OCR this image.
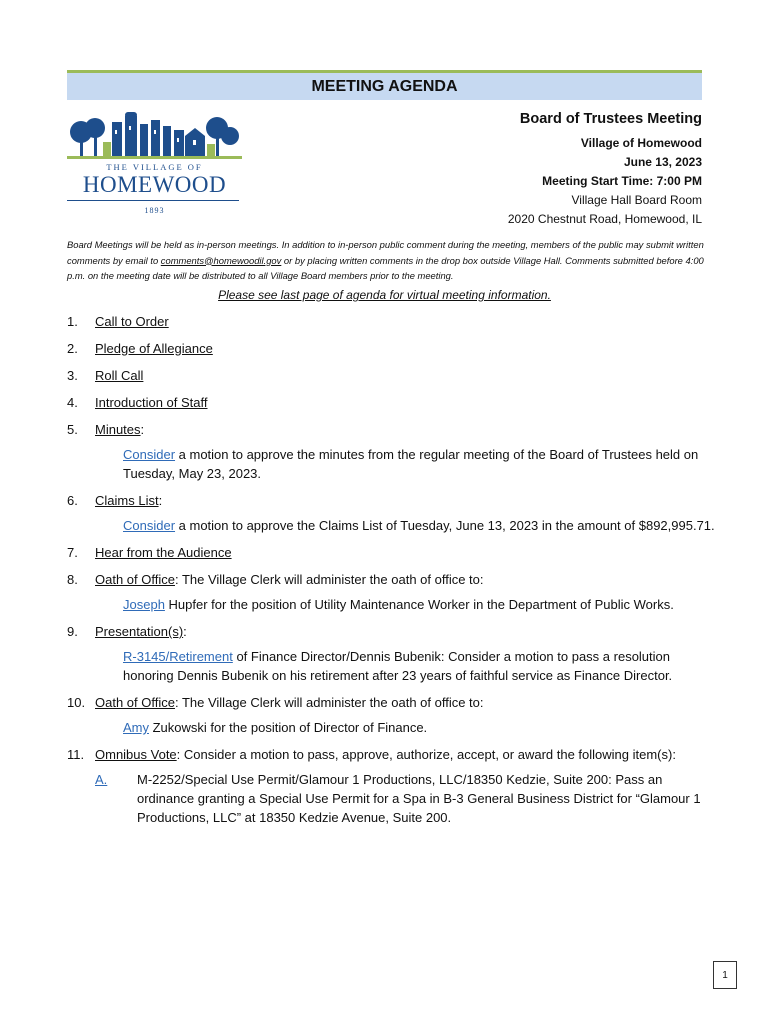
MEETING AGENDA
THE VILLAGE OF
HOMEWOOD
1893
Board of Trustees Meeting
Village of Homewood
June 13, 2023
Meeting Start Time: 7:00 PM
Village Hall Board Room
2020 Chestnut Road, Homewood, IL
Board Meetings will be held as in-person meetings. In addition to in-person public comment during the meeting, members of the public may submit written comments by email to comments@homewoodil.gov or by placing written comments in the drop box outside Village Hall. Comments submitted before 4:00 p.m. on the meeting date will be distributed to all Village Board members prior to the meeting.
Please see last page of agenda for virtual meeting information.
1. Call to Order
2. Pledge of Allegiance
3. Roll Call
4. Introduction of Staff
5. Minutes:
Consider a motion to approve the minutes from the regular meeting of the Board of Trustees held on Tuesday, May 23, 2023.
6. Claims List:
Consider a motion to approve the Claims List of Tuesday, June 13, 2023 in the amount of $892,995.71.
7. Hear from the Audience
8. Oath of Office: The Village Clerk will administer the oath of office to:
Joseph Hupfer for the position of Utility Maintenance Worker in the Department of Public Works.
9. Presentation(s):
R-3145/Retirement of Finance Director/Dennis Bubenik: Consider a motion to pass a resolution honoring Dennis Bubenik on his retirement after 23 years of faithful service as Finance Director.
10. Oath of Office: The Village Clerk will administer the oath of office to:
Amy Zukowski for the position of Director of Finance.
11. Omnibus Vote: Consider a motion to pass, approve, authorize, accept, or award the following item(s):
A. M-2252/Special Use Permit/Glamour 1 Productions, LLC/18350 Kedzie, Suite 200: Pass an ordinance granting a Special Use Permit for a Spa in B-3 General Business District for “Glamour 1 Productions, LLC” at 18350 Kedzie Avenue, Suite 200.
1
